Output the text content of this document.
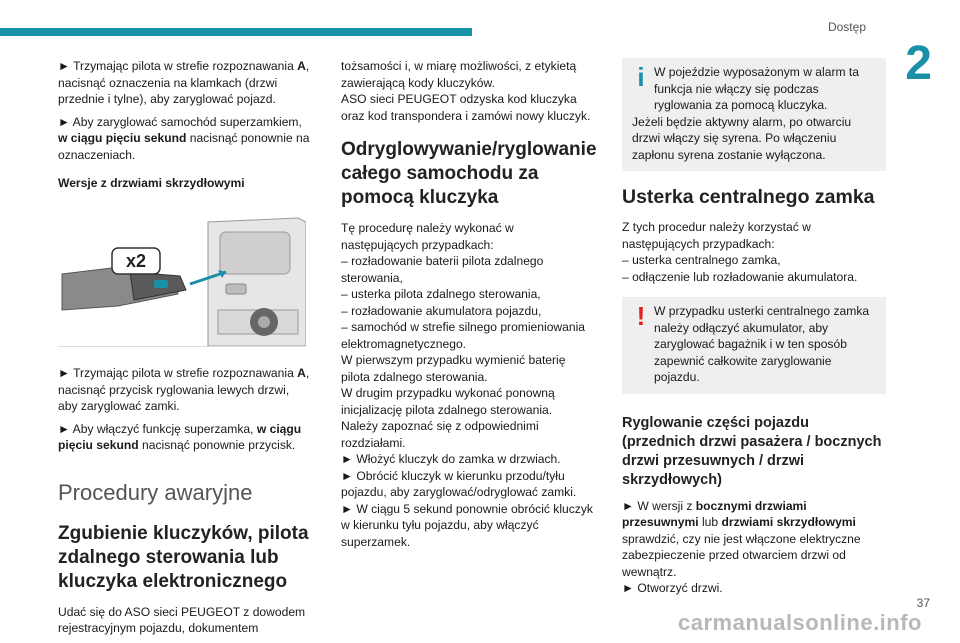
Dostęp
2

► Trzymając pilota w strefie rozpoznawania A, nacisnąć oznaczenia na klamkach (drzwi przednie i tylne), aby zaryglować pojazd.

► Aby zaryglować samochód superzamkiem, w ciągu pięciu sekund nacisnąć ponownie na oznaczeniach.

Wersje z drzwiami skrzydłowymi
x2

► Trzymając pilota w strefie rozpoznawania A, nacisnąć przycisk ryglowania lewych drzwi, aby zaryglować zamki.

► Aby włączyć funkcję superzamka, w ciągu pięciu sekund nacisnąć ponownie przycisk.

Procedury awaryjne
Zgubienie kluczyków, pilota zdalnego sterowania lub kluczyka elektronicznego

Udać się do ASO sieci PEUGEOT z dowodem rejestracyjnym pojazdu, dokumentem

tożsamości i, w miarę możliwości, z etykietą zawierającą kody kluczyków.

ASO sieci PEUGEOT odzyska kod kluczyka oraz kod transpondera i zamówi nowy kluczyk.

Odryglowywanie/ryglowanie całego samochodu za pomocą kluczyka

Tę procedurę należy wykonać w następujących przypadkach:

– rozładowanie baterii pilota zdalnego sterowania,
– usterka pilota zdalnego sterowania,
– rozładowanie akumulatora pojazdu,
– samochód w strefie silnego promieniowania elektromagnetycznego.
W pierwszym przypadku wymienić baterię pilota zdalnego sterowania.
W drugim przypadku wykonać ponowną inicjalizację pilota zdalnego sterowania.
Należy zapoznać się z odpowiednimi rozdziałami.
► Włożyć kluczyk do zamka w drzwiach.
► Obrócić kluczyk w kierunku przodu/tyłu pojazdu, aby zaryglować/odryglować zamki.
► W ciągu 5 sekund ponownie obrócić kluczyk w kierunku tyłu pojazdu, aby włączyć superzamek.
i W pojeździe wyposażonym w alarm ta funkcja nie włączy się podczas ryglowania za pomocą kluczyka.
Jeżeli będzie aktywny alarm, po otwarciu drzwi włączy się syrena. Po włączeniu zapłonu syrena zostanie wyłączona.
Usterka centralnego zamka
Z tych procedur należy korzystać w następujących przypadkach:
– usterka centralnego zamka,
– odłączenie lub rozładowanie akumulatora.
! W przypadku usterki centralnego zamka należy odłączyć akumulator, aby zaryglować bagażnik i w ten sposób zapewnić całkowite zaryglowanie pojazdu.
Ryglowanie części pojazdu (przednich drzwi pasażera / bocznych drzwi przesuwnych / drzwi skrzydłowych)
► W wersji z bocznymi drzwiami przesuwnymi lub drzwiami skrzydłowymi sprawdzić, czy nie jest włączone elektryczne zabezpieczenie przed otwarciem drzwi od wewnątrz.
► Otworzyć drzwi.
carmanualsonline.info
37
